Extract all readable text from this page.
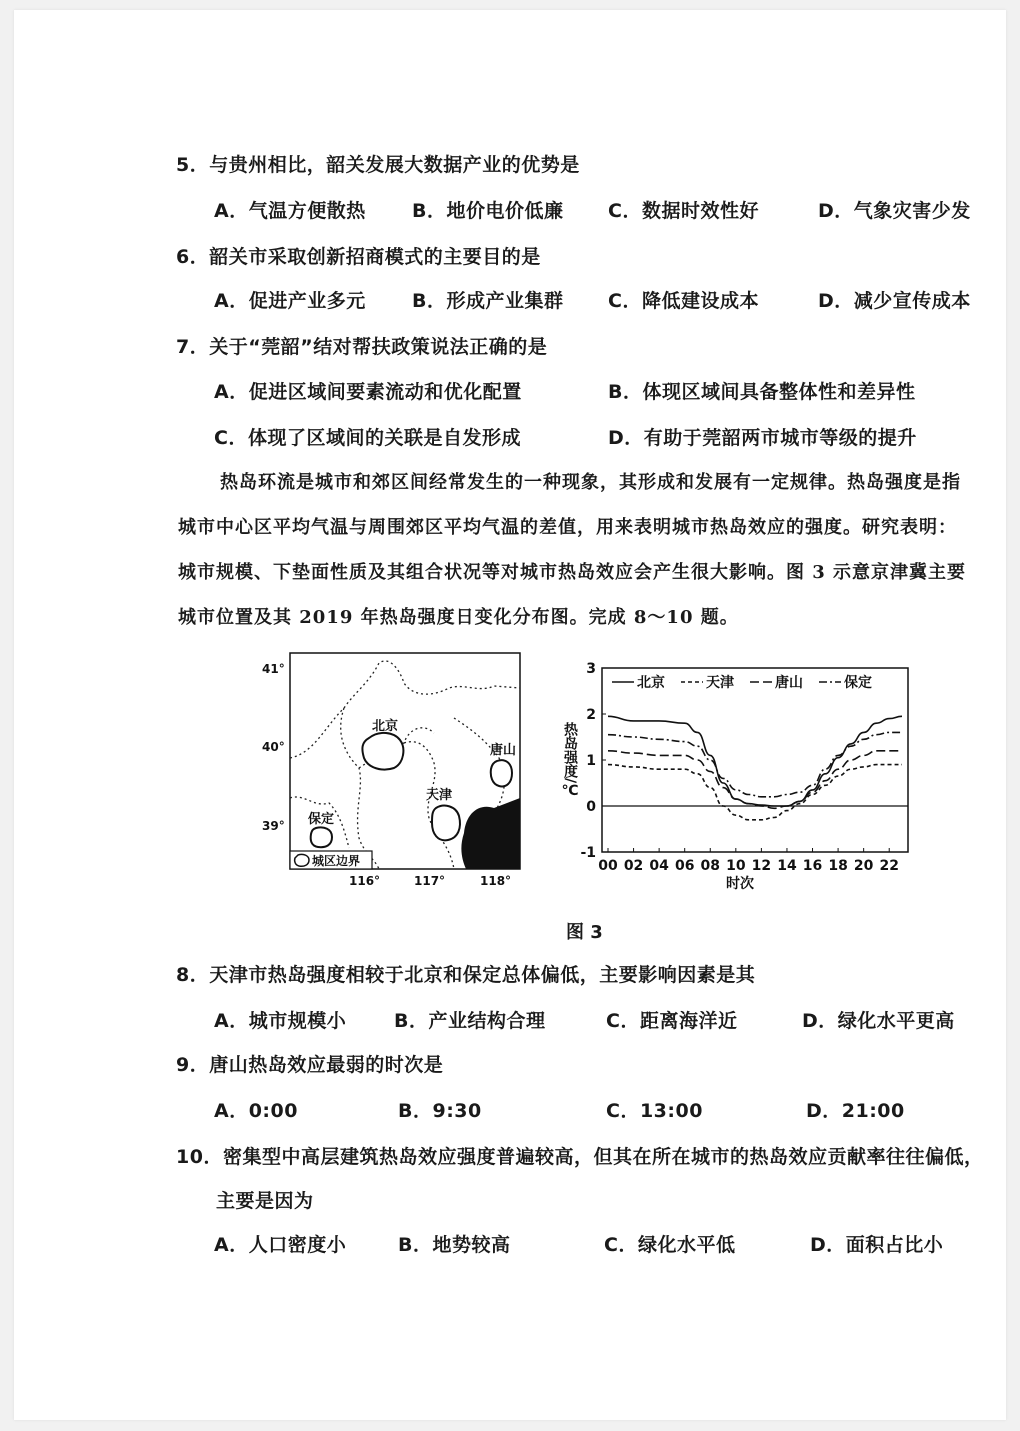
5．与贵州相比，韶关发展大数据产业的优势是
A．气温方便散热 B．地价电价低廉 C．数据时效性好	D．气象灾害少发
6．韶关市采取创新招商模式的主要目的是
A．促进产业多元 B．形成产业集群 C．降低建设成本	D．减少宣传成本
7．关于“莞韶”结对帮扶政策说法正确的是
A．促进区域间要素流动和优化配置	B．体现区域间具备整体性和差异性
C．体现了区域间的关联是自发形成	D．有助于莞韶两市城市等级的提升
热岛环流是城市和郊区间经常发生的一种现象，其形成和发展有一定规律。热岛强度是指
城市中心区平均气温与周围郊区平均气温的差值，用来表明城市热岛效应的强度。研究表明：
城市规模、下垫面性质及其组合状况等对城市热岛效应会产生很大影响。图 3 示意京津冀主要
城市位置及其 2019 年热岛强度日变化分布图。完成 8～10 题。
北京
天津
唐山
保定
41°
40°
39°
116°	117°	118°
城区边界
热岛强度/℃
时次
3
2
1
0
-1
00 02 04 06 08 10 12 14 16 18 20 22
北京	天津	唐山	保定
图 3
8．天津市热岛强度相较于北京和保定总体偏低，主要影响因素是其
A．城市规模小	B．产业结构合理	C．距离海洋近	D．绿化水平更高
9．唐山热岛效应最弱的时次是
A．0:00	B．9:30	C．13:00	D．21:00
10．密集型中高层建筑热岛效应强度普遍较高，但其在所在城市的热岛效应贡献率往往偏低，
主要是因为
A．人口密度小	B．地势较高	C．绿化水平低	D．面积占比小
